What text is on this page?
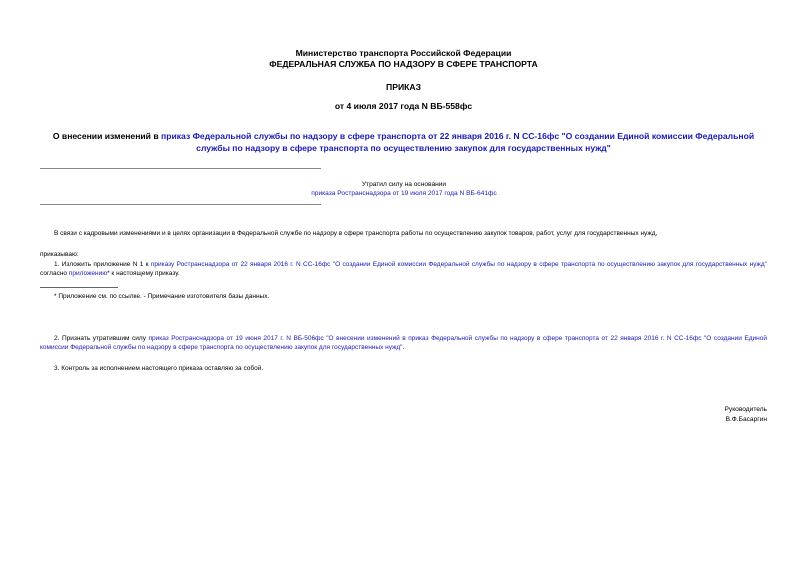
Министерство транспорта Российской Федерации
ФЕДЕРАЛЬНАЯ СЛУЖБА ПО НАДЗОРУ В СФЕРЕ ТРАНСПОРТА
ПРИКАЗ
от 4 июля 2017 года N ВБ-558фс
О внесении изменений в приказ Федеральной службы по надзору в сфере транспорта от 22 января 2016 г. N СС-16фс "О создании Единой комиссии Федеральной службы по надзору в сфере транспорта по осуществлению закупок для государственных нужд"
Утратил силу на основании
приказа Ространснадзора от 19 июля 2017 года N ВБ-641фс
В связи с кадровыми изменениями и в целях организации в Федеральной службе по надзору в сфере транспорта работы по осуществлению закупок товаров, работ, услуг для государственных нужд,
приказываю:
1. Изложить приложение N 1 к приказу Ространснадзора от 22 января 2016 г. N СС-16фс "О создании Единой комиссии Федеральной службы по надзору в сфере транспорта по осуществлению закупок для государственных нужд" согласно приложению* к настоящему приказу.
* Приложение см. по ссылке. - Примечание изготовителя базы данных.
2. Признать утратившим силу приказ Ространснадзора от 19 июня 2017 г. N ВБ-506фс "О внесении изменений в приказ Федеральной службы по надзору в сфере транспорта от 22 января 2016 г. N СС-16фс "О создании Единой комиссии Федеральной службы по надзору в сфере транспорта по осуществлению закупок для государственных нужд".
3. Контроль за исполнением настоящего приказа оставляю за собой.
Руководитель
В.Ф.Басаргин
